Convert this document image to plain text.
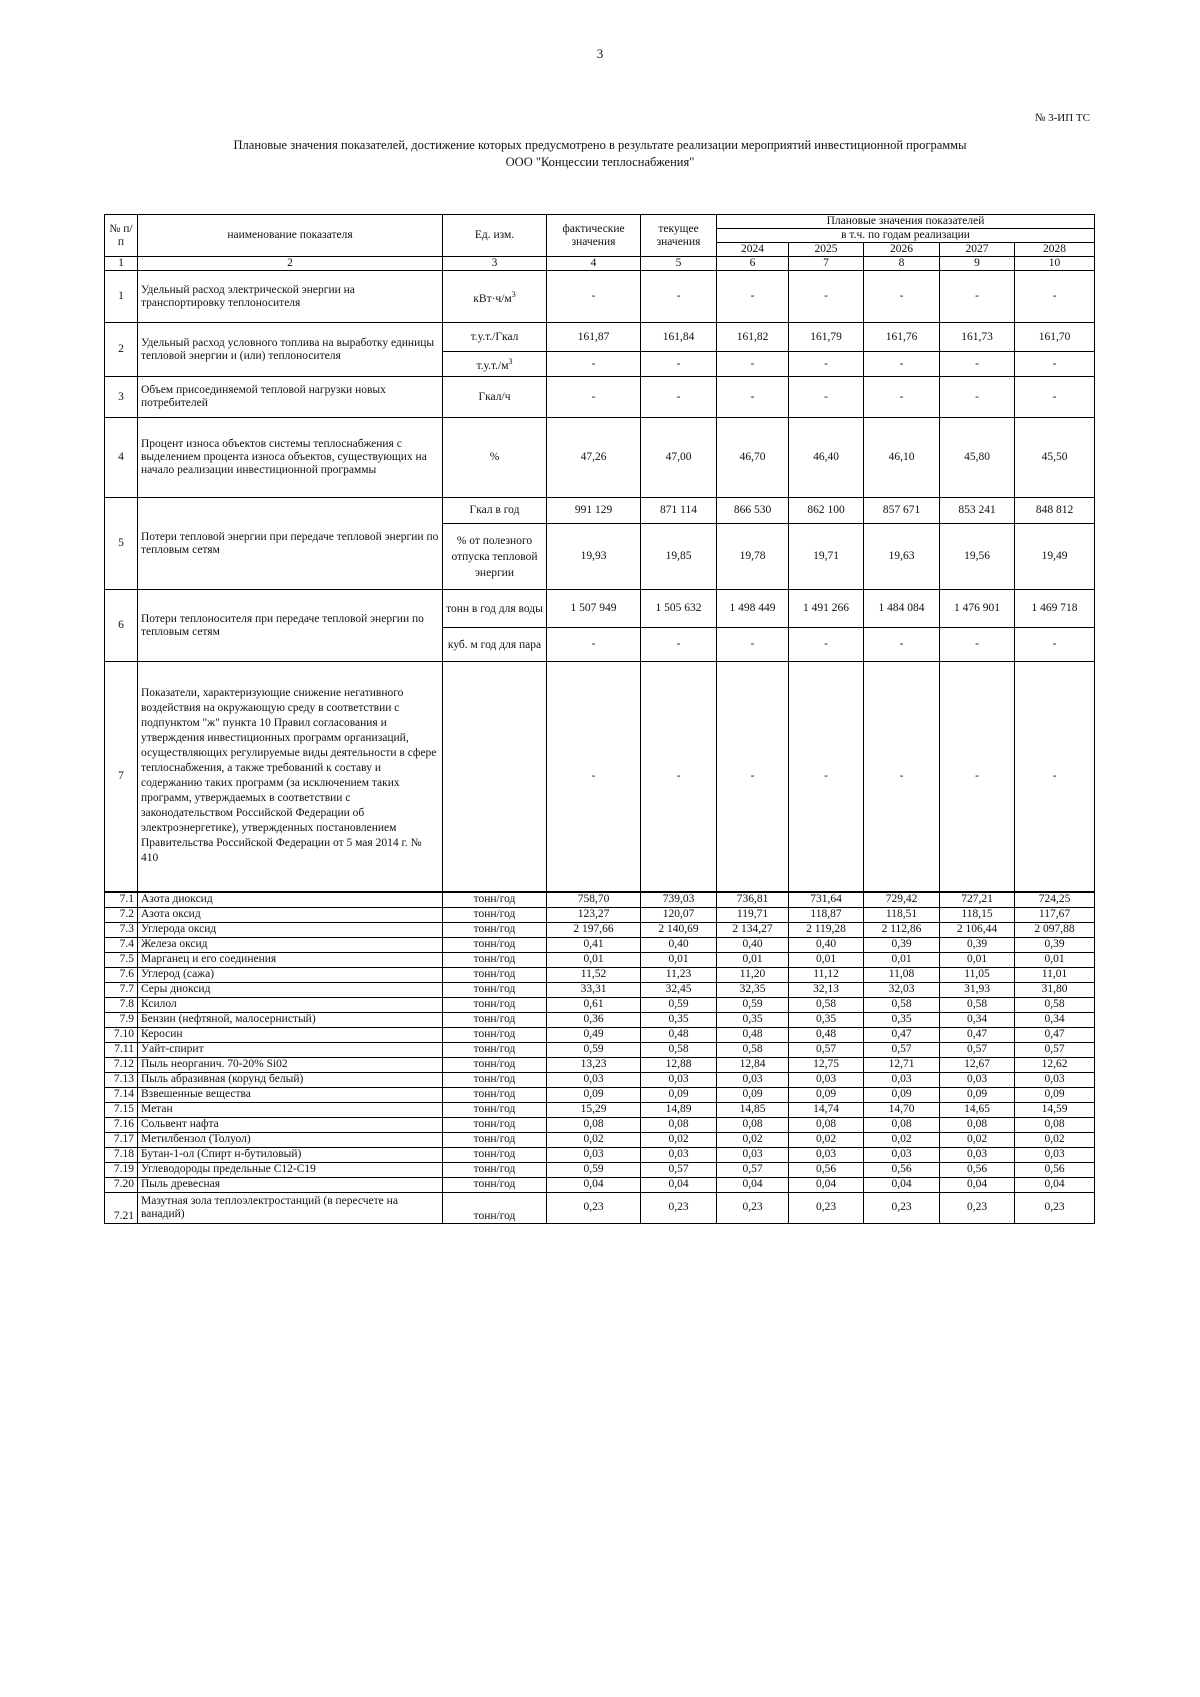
3
№ 3-ИП ТС
Плановые значения показателей, достижение которых предусмотрено в результате реализации мероприятий инвестиционной программы
ООО "Концессии теплоснабжения"
№ п/п	наименование показателя	Ед. изм.	фактические значения	текущее значения	Плановые значения показателей				
					в т.ч. по годам реализации				
					2024	2025	2026	2027	2028
1	2	3	4	5	6	7	8	9	10
1	Удельный расход электрической энергии на транспортировку теплоносителя	$кВт\cdot ч/м^3$	-	-	-	-	-	-	-
2	Удельный расход условного топлива на выработку единицы тепловой энергии и (или) теплоносителя	т.у.т./Гкал	161,87	161,84	161,82	161,79	161,76	161,73	161,70
		$т.у.т./м^3$	-	-	-	-	-	-	-
3	Объем присоединяемой тепловой нагрузки новых потребителей	Гкал/ч	-	-	-	-	-	-	-
4	Процент износа объектов системы теплоснабжения с выделением процента износа объектов, существующих на начало реализации инвестиционной программы	%	47,26	47,00	46,70	46,40	46,10	45,80	45,50
5	Потери тепловой энергии при передаче тепловой энергии по тепловым сетям	Гкал в год	991 129	871 114	866 530	862 100	857 671	853 241	848 812
		% от полезного отпуска тепловой энергии	19,93	19,85	19,78	19,71	19,63	19,56	19,49
6	Потери теплоносителя при передаче тепловой энергии по тепловым сетям	тонн в год для воды	1 507 949	1 505 632	1 498 449	1 491 266	1 484 084	1 476 901	1 469 718
		куб. м год для пара	-	-	-	-	-	-	-
7	Показатели, характеризующие снижение негативного воздействия на окружающую среду в соответствии с подпунктом "ж" пункта 10 Правил согласования и утверждения инвестиционных программ организаций, осуществляющих регулируемые виды деятельности в сфере теплоснабжения, а также требований к составу и содержанию таких программ (за исключением таких программ, утверждаемых в соответствии с законодательством Российской Федерации об электроэнергетике), утвержденных постановлением Правительства Российской Федерации от 5 мая 2014 г. № 410		-	-	-	-	-	-	-
7.1	Азота диоксид	тонн/год	758,70	739,03	736,81	731,64	729,42	727,21	724,25
7.2	Азота оксид	тонн/год	123,27	120,07	119,71	118,87	118,51	118,15	117,67
7.3	Углерода оксид	тонн/год	2 197,66	2 140,69	2 134,27	2 119,28	2 112,86	2 106,44	2 097,88
7.4	Железа оксид	тонн/год	0,41	0,40	0,40	0,40	0,39	0,39	0,39
7.5	Марганец и его соединения	тонн/год	0,01	0,01	0,01	0,01	0,01	0,01	0,01
7.6	Углерод (сажа)	тонн/год	11,52	11,23	11,20	11,12	11,08	11,05	11,01
7.7	Серы диоксид	тонн/год	33,31	32,45	32,35	32,13	32,03	31,93	31,80
7.8	Ксилол	тонн/год	0,61	0,59	0,59	0,58	0,58	0,58	0,58
7.9	Бензин (нефтяной, малосернистый)	тонн/год	0,36	0,35	0,35	0,35	0,35	0,34	0,34
7.10	Керосин	тонн/год	0,49	0,48	0,48	0,48	0,47	0,47	0,47
7.11	Уайт-спирит	тонн/год	0,59	0,58	0,58	0,57	0,57	0,57	0,57
7.12	Пыль неорганич. 70-20% Si02	тонн/год	13,23	12,88	12,84	12,75	12,71	12,67	12,62
7.13	Пыль абразивная (корунд белый)	тонн/год	0,03	0,03	0,03	0,03	0,03	0,03	0,03
7.14	Взвешенные вещества	тонн/год	0,09	0,09	0,09	0,09	0,09	0,09	0,09
7.15	Метан	тонн/год	15,29	14,89	14,85	14,74	14,70	14,65	14,59
7.16	Сольвент нафта	тонн/год	0,08	0,08	0,08	0,08	0,08	0,08	0,08
7.17	Метилбензол (Толуол)	тонн/год	0,02	0,02	0,02	0,02	0,02	0,02	0,02
7.18	Бутан-1-ол (Спирт н-бутиловый)	тонн/год	0,03	0,03	0,03	0,03	0,03	0,03	0,03
7.19	Углеводороды предельные С12-С19	тонн/год	0,59	0,57	0,57	0,56	0,56	0,56	0,56
7.20	Пыль древесная	тонн/год	0,04	0,04	0,04	0,04	0,04	0,04	0,04
7.21	Мазутная зола теплоэлектростанций (в пересчете на ванадий)	тонн/год	0,23	0,23	0,23	0,23	0,23	0,23	0,23
